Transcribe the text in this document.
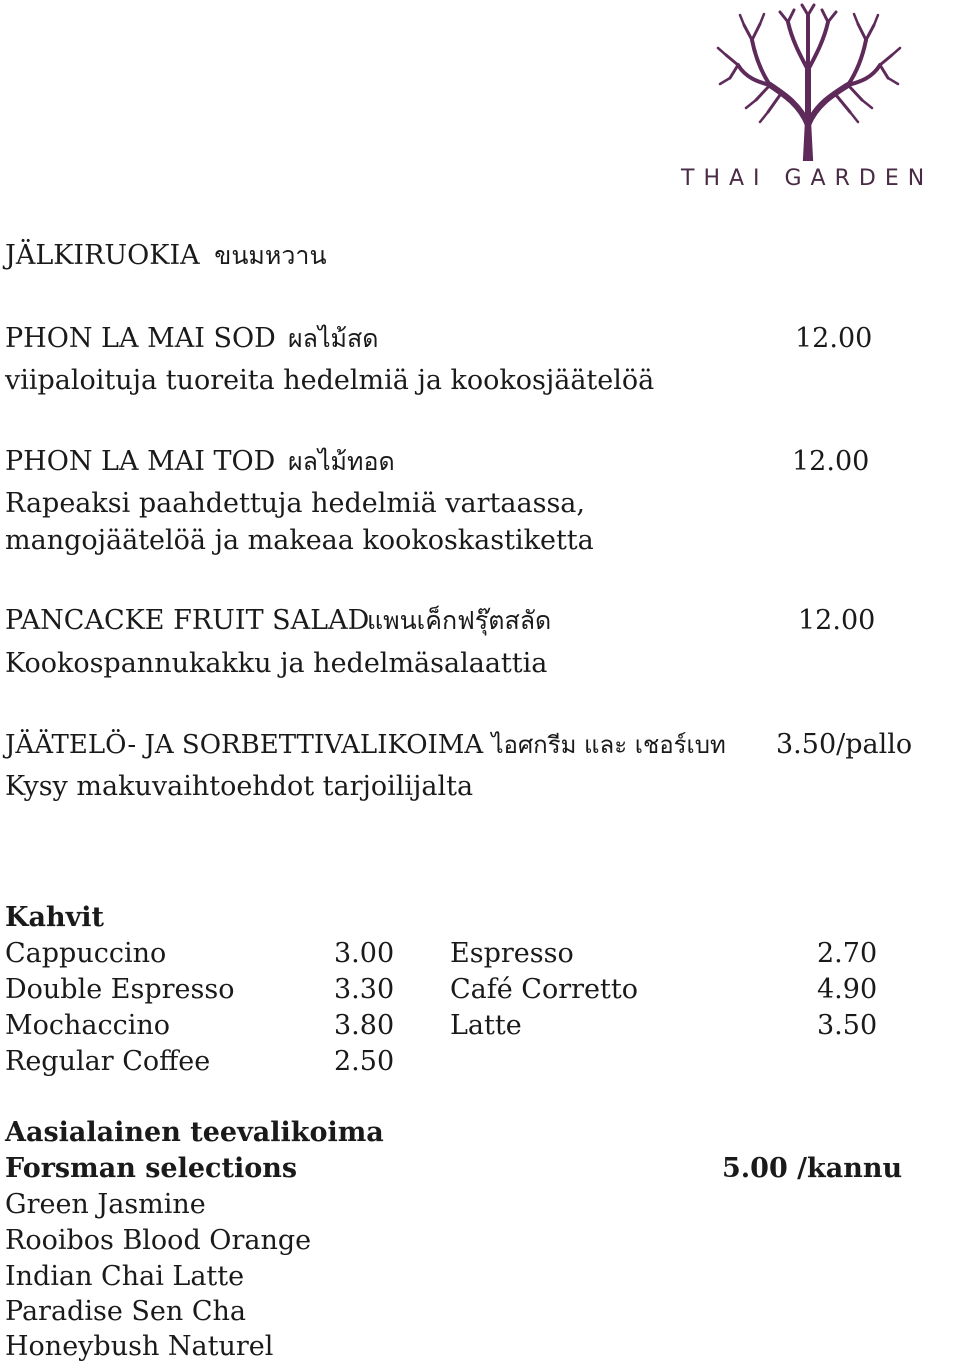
THAI GARDEN
JÄLKIRUOKIA ขนมหวาน
PHON LA MAI SOD ผลไม้สด	12.00
viipaloituja tuoreita hedelmiä ja kookosjäätelöä
PHON LA MAI TOD ผลไม้ทอด	12.00
Rapeaksi paahdettuja hedelmiä vartaassa,
mangojäätelöä ja makeaa kookoskastiketta
PANCACKE FRUIT SALAD
แพนเค็กฟรุ๊ตสลัด	12.00
Kookospannukakku ja hedelmäsalaattia
JÄÄTELÖ- JA SORBETTIVALIKOIMA ไอศกรีม และ เชอร์เบท 3.50/pallo
Kysy makuvaihtoehdot tarjoilijalta
Kahvit
Cappuccino	3.00
Double Espresso	3.30
Mochaccino	3.80
Regular Coffee	2.50
Espresso	2.70
Café Corretto	4.90
Latte	3.50
Aasialainen teevalikoima
Forsman selections	5.00 /kannu
Green Jasmine
Rooibos Blood Orange
Indian Chai Latte
Paradise Sen Cha
Honeybush Naturel
